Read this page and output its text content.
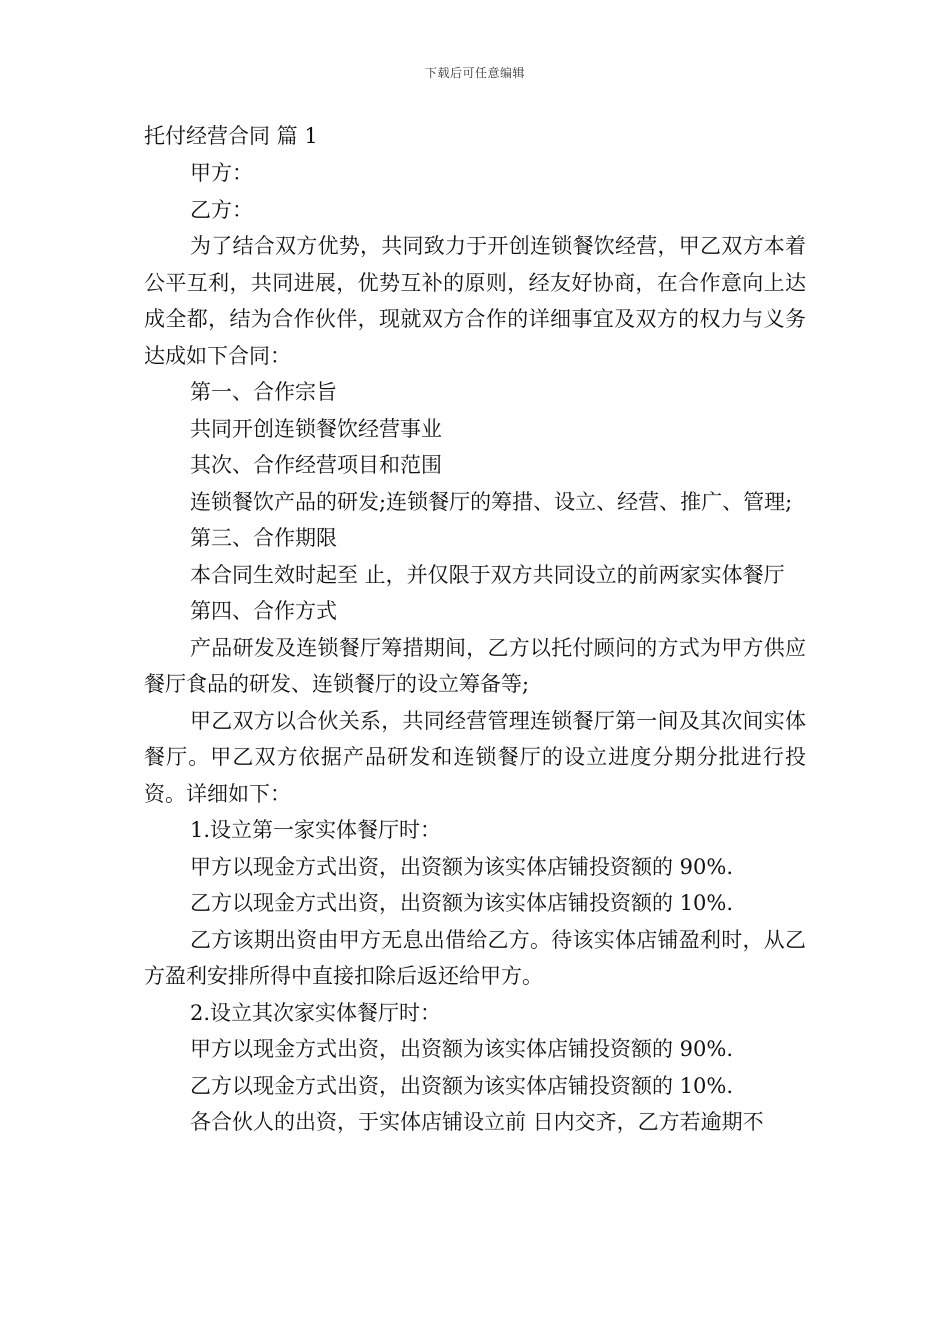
下载后可任意编辑

托付经营合同 篇 1

甲方：

乙方：

为了结合双方优势，共同致力于开创连锁餐饮经营，甲乙双方本着公平互利，共同进展，优势互补的原则，经友好协商，在合作意向上达成全都，结为合作伙伴，现就双方合作的详细事宜及双方的权力与义务达成如下合同：

第一、合作宗旨

共同开创连锁餐饮经营事业

其次、合作经营项目和范围

连锁餐饮产品的研发;连锁餐厅的筹措、设立、经营、推广、管理;

第三、合作期限

本合同生效时起至 止，并仅限于双方共同设立的前两家实体餐厅

第四、合作方式

产品研发及连锁餐厅筹措期间，乙方以托付顾问的方式为甲方供应餐厅食品的研发、连锁餐厅的设立筹备等;

甲乙双方以合伙关系，共同经营管理连锁餐厅第一间及其次间实体餐厅。甲乙双方依据产品研发和连锁餐厅的设立进度分期分批进行投资。详细如下：

1.设立第一家实体餐厅时：

甲方以现金方式出资，出资额为该实体店铺投资额的 90%.

乙方以现金方式出资，出资额为该实体店铺投资额的 10%.

乙方该期出资由甲方无息出借给乙方。待该实体店铺盈利时，从乙方盈利安排所得中直接扣除后返还给甲方。

2.设立其次家实体餐厅时：

甲方以现金方式出资，出资额为该实体店铺投资额的 90%.

乙方以现金方式出资，出资额为该实体店铺投资额的 10%.

各合伙人的出资，于实体店铺设立前 日内交齐，乙方若逾期不
